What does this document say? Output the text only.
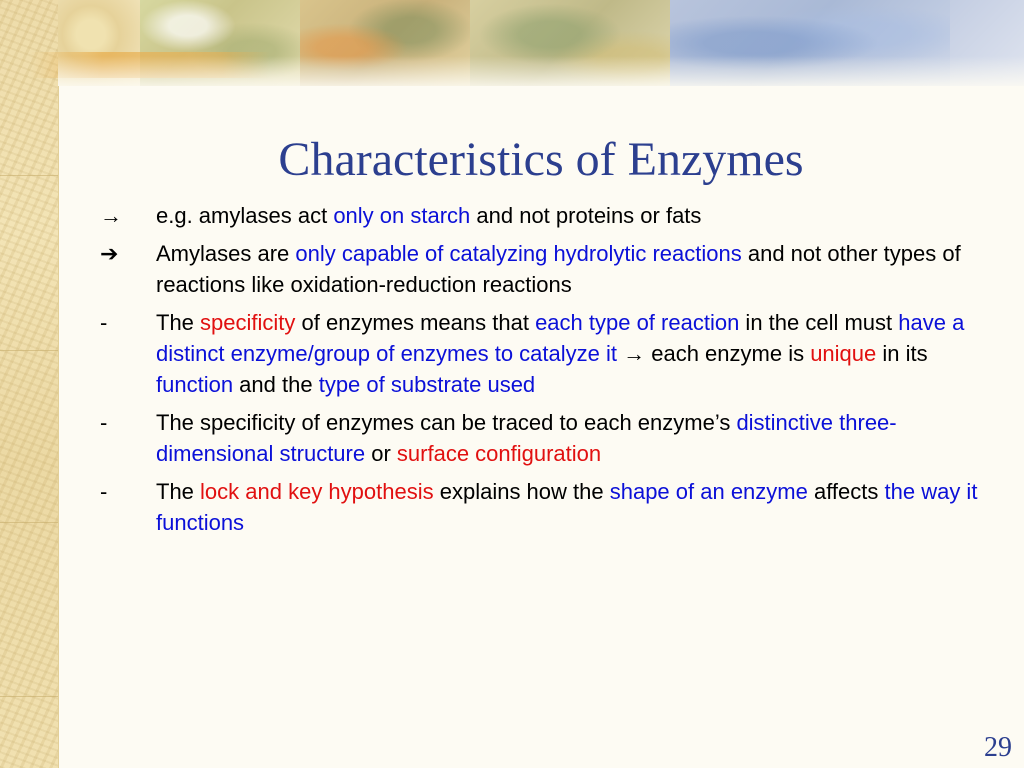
Characteristics of Enzymes
→	e.g. amylases act only on starch and not proteins or fats
➔	Amylases are only capable of catalyzing hydrolytic reactions and not other types of reactions like oxidation-reduction reactions
-	The specificity of enzymes means that each type of reaction in the cell must have a distinct enzyme/group of enzymes to catalyze it → each enzyme is unique in its function and the type of substrate used
-	The specificity of enzymes can be traced to each enzyme’s distinctive three-dimensional structure or surface configuration
-	The lock and key hypothesis explains how the shape of an enzyme affects the way it functions
29
